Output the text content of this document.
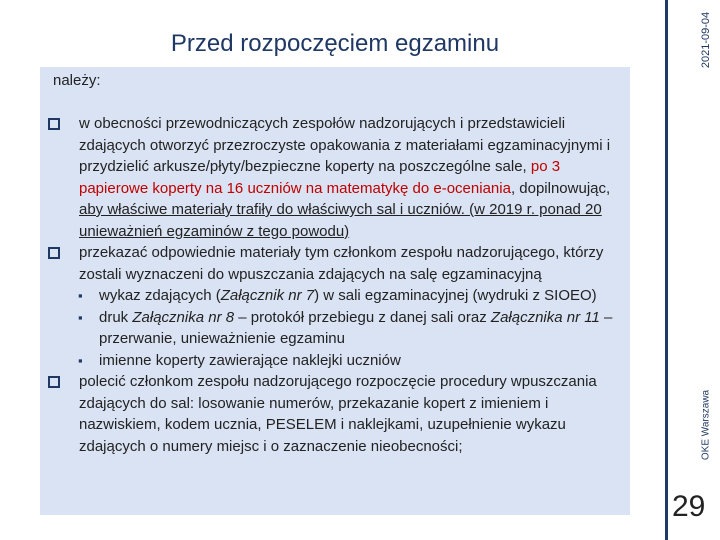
Przed rozpoczęciem egzaminu	2021-09-04
OKE Warszawa
29
należy:
w obecności przewodniczących zespołów nadzorujących i przedstawicieli zdających otworzyć przezroczyste opakowania z materiałami egzaminacyjnymi i przydzielić arkusze/płyty/bezpieczne koperty na poszczególne sale, po 3 papierowe koperty na 16 uczniów na matematykę do e-oceniania, dopilnowując, aby właściwe materiały trafiły do właściwych sal i uczniów. (w 2019 r. ponad 20 unieważnień egzaminów z tego powodu)
przekazać odpowiednie materiały tym członkom zespołu nadzorującego, którzy zostali wyznaczeni do wpuszczania zdających na salę egzaminacyjną
▪ wykaz zdających (Załącznik nr 7) w sali egzaminacyjnej (wydruki z SIOEO)
▪ druk Załącznika nr 8 – protokół przebiegu z danej sali oraz Załącznika nr 11 – przerwanie, unieważnienie egzaminu
▪ imienne koperty zawierające naklejki uczniów
polecić członkom zespołu nadzorującego rozpoczęcie procedury wpuszczania zdających do sal: losowanie numerów, przekazanie kopert z imieniem i nazwiskiem, kodem ucznia, PESELEM i naklejkami, uzupełnienie wykazu zdających o numery miejsc i o zaznaczenie nieobecności;
